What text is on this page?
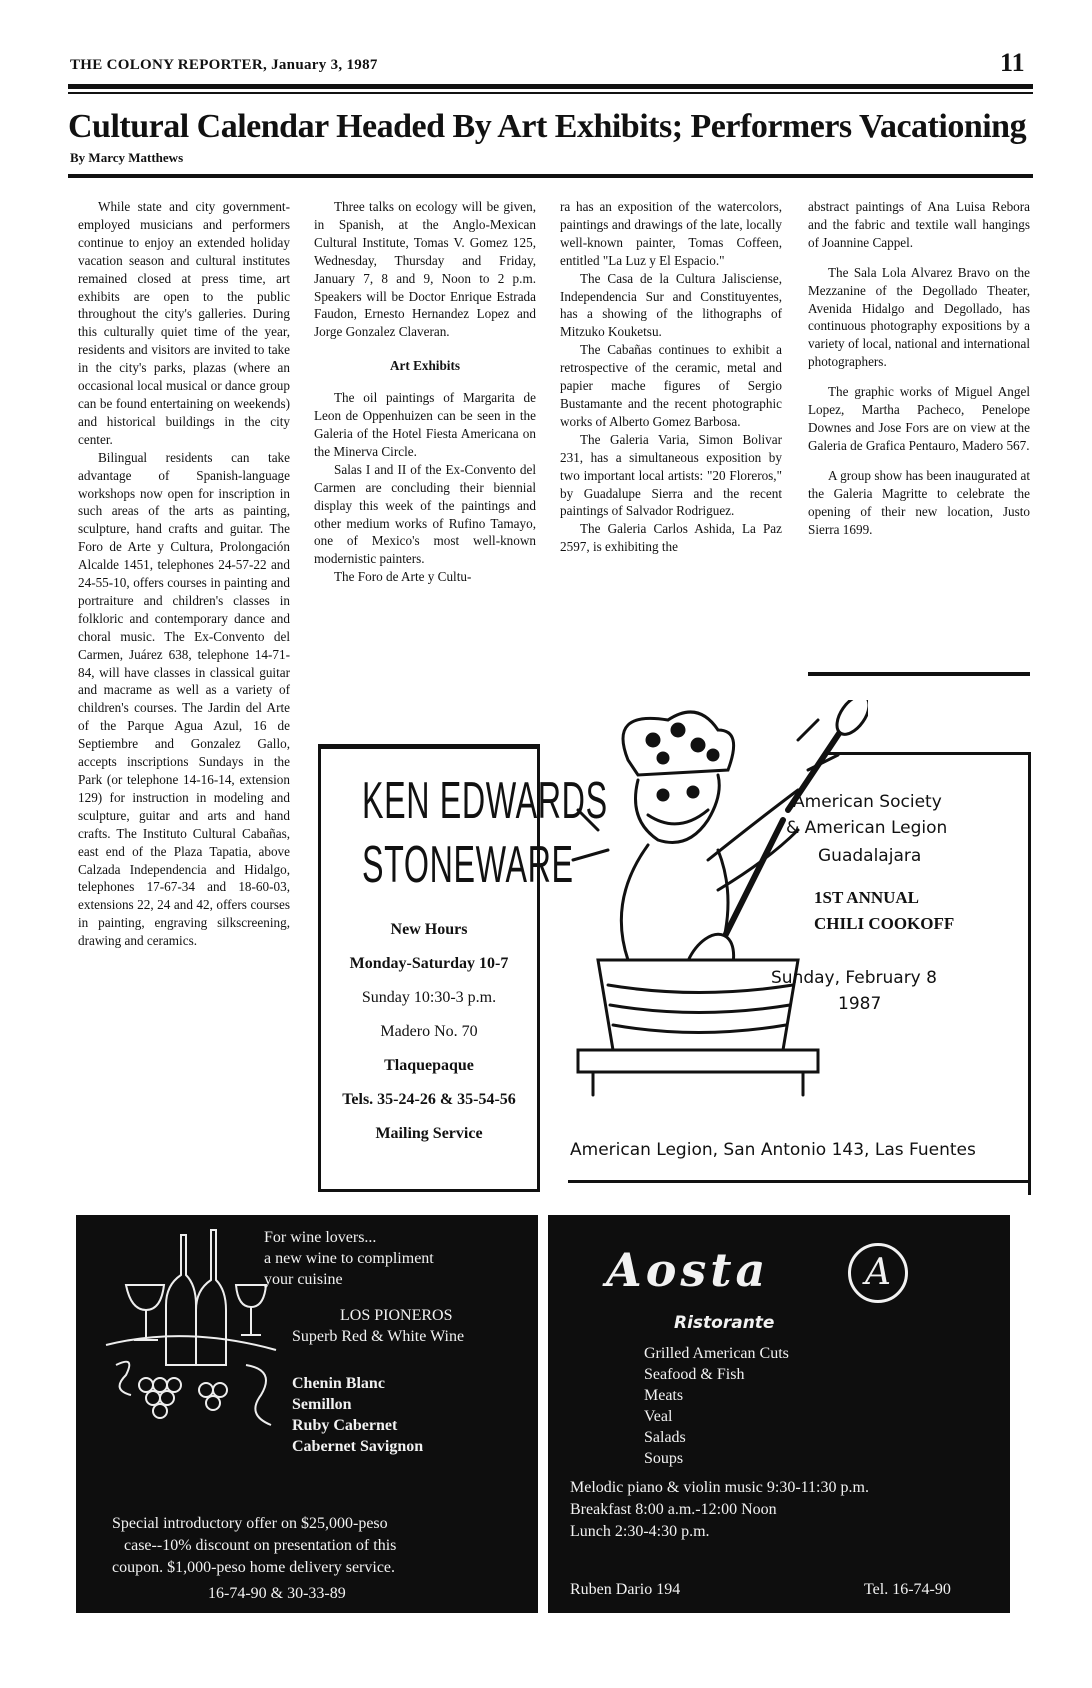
THE COLONY REPORTER, January 3, 1987	11
Cultural Calendar Headed By Art Exhibits; Performers Vacationing
By Marcy Matthews

While state and city government-employed musicians and performers continue to enjoy an extended holiday vacation season and cultural institutes remained closed at press time, art exhibits are open to the public throughout the city's galleries. During this culturally quiet time of the year, residents and visitors are invited to take in the city's parks, plazas (where an occasional local musical or dance group can be found entertaining on weekends) and historical buildings in the city center.

Bilingual residents can take advantage of Spanish-language workshops now open for inscription in such areas of the arts as painting, sculpture, hand crafts and guitar. The Foro de Arte y Cultura, Prolongación Alcalde 1451, telephones 24-57-22 and 24-55-10, offers courses in painting and portraiture and children's classes in folkloric and contemporary dance and choral music. The Ex-Convento del Carmen, Juárez 638, telephone 14-71-84, will have classes in classical guitar and macrame as well as a variety of children's courses. The Jardin del Arte of the Parque Agua Azul, 16 de Septiembre and Gonzalez Gallo, accepts inscriptions Sundays in the Park (or telephone 14-16-14, extension 129) for instruction in modeling and sculpture, guitar and arts and hand crafts. The Instituto Cultural Cabañas, east end of the Plaza Tapatia, above Calzada Independencia and Hidalgo, telephones 17-67-34 and 18-60-03, extensions 22, 24 and 42, offers courses in painting, engraving silkscreening, drawing and ceramics.

Three talks on ecology will be given, in Spanish, at the Anglo-Mexican Cultural Institute, Tomas V. Gomez 125, Wednesday, Thursday and Friday, January 7, 8 and 9, Noon to 2 p.m. Speakers will be Doctor Enrique Estrada Faudon, Ernesto Hernandez Lopez and Jorge Gonzalez Claveran.

Art Exhibits

The oil paintings of Margarita de Leon de Oppenhuizen can be seen in the Galeria of the Hotel Fiesta Americana on the Minerva Circle.

Salas I and II of the Ex-Convento del Carmen are concluding their biennial display this week of the paintings and other medium works of Rufino Tamayo, one of Mexico's most well-known modernistic painters.

The Foro de Arte y Cultu-

ra has an exposition of the watercolors, paintings and drawings of the late, locally well-known painter, Tomas Coffeen, entitled "La Luz y El Espacio."

The Casa de la Cultura Jalisciense, Independencia Sur and Constituyentes, has a showing of the lithographs of Mitzuko Kouketsu.

The Cabañas continues to exhibit a retrospective of the ceramic, metal and papier mache figures of Sergio Bustamante and the recent photographic works of Alberto Gomez Barbosa.

The Galeria Varia, Simon Bolivar 231, has a simultaneous exposition by two important local artists: "20 Floreros," by Guadalupe Sierra and the recent paintings of Salvador Rodriguez.

The Galeria Carlos Ashida, La Paz 2597, is exhibiting the

abstract paintings of Ana Luisa Rebora and the fabric and textile wall hangings of Joannine Cappel.

The Sala Lola Alvarez Bravo on the Mezzanine of the Degollado Theater, Avenida Hidalgo and Degollado, has continuous photography expositions by a variety of local, national and international photographers.

The graphic works of Miguel Angel Lopez, Martha Pacheco, Penelope Downes and Jose Fors are on view at the Galeria de Grafica Pentauro, Madero 567.

A group show has been inaugurated at the Galeria Magritte to celebrate the opening of their new location, Justo Sierra 1699.

KEN EDWARDS
STONEWARE

New Hours

Monday-Saturday 10-7

Sunday 10:30-3 p.m.

Madero No. 70

Tlaquepaque

Tels. 35-24-26 & 35-54-56

Mailing Service

American Society
& American Legion
Guadalajara
1ST ANNUAL
CHILI COOKOFF
Sunday, February 8
1987
American Legion, San Antonio 143, Las Fuentes
For wine lovers...
a new wine to compliment
your cuisine
LOS PIONEROS
Superb Red & White Wine
Chenin Blanc
Semillon
Ruby Cabernet
Cabernet Savignon
Special introductory offer on $25,000-peso
case--10% discount on presentation of this
coupon. $1,000-peso home delivery service.
16-74-90 & 30-33-89
Aosta	A
Ristorante
Grilled American Cuts
Seafood & Fish
Meats
Veal
Salads
Soups
Melodic piano & violin music 9:30-11:30 p.m.
Breakfast 8:00 a.m.-12:00 Noon
Lunch 2:30-4:30 p.m.
Ruben Dario 194	Tel. 16-74-90
